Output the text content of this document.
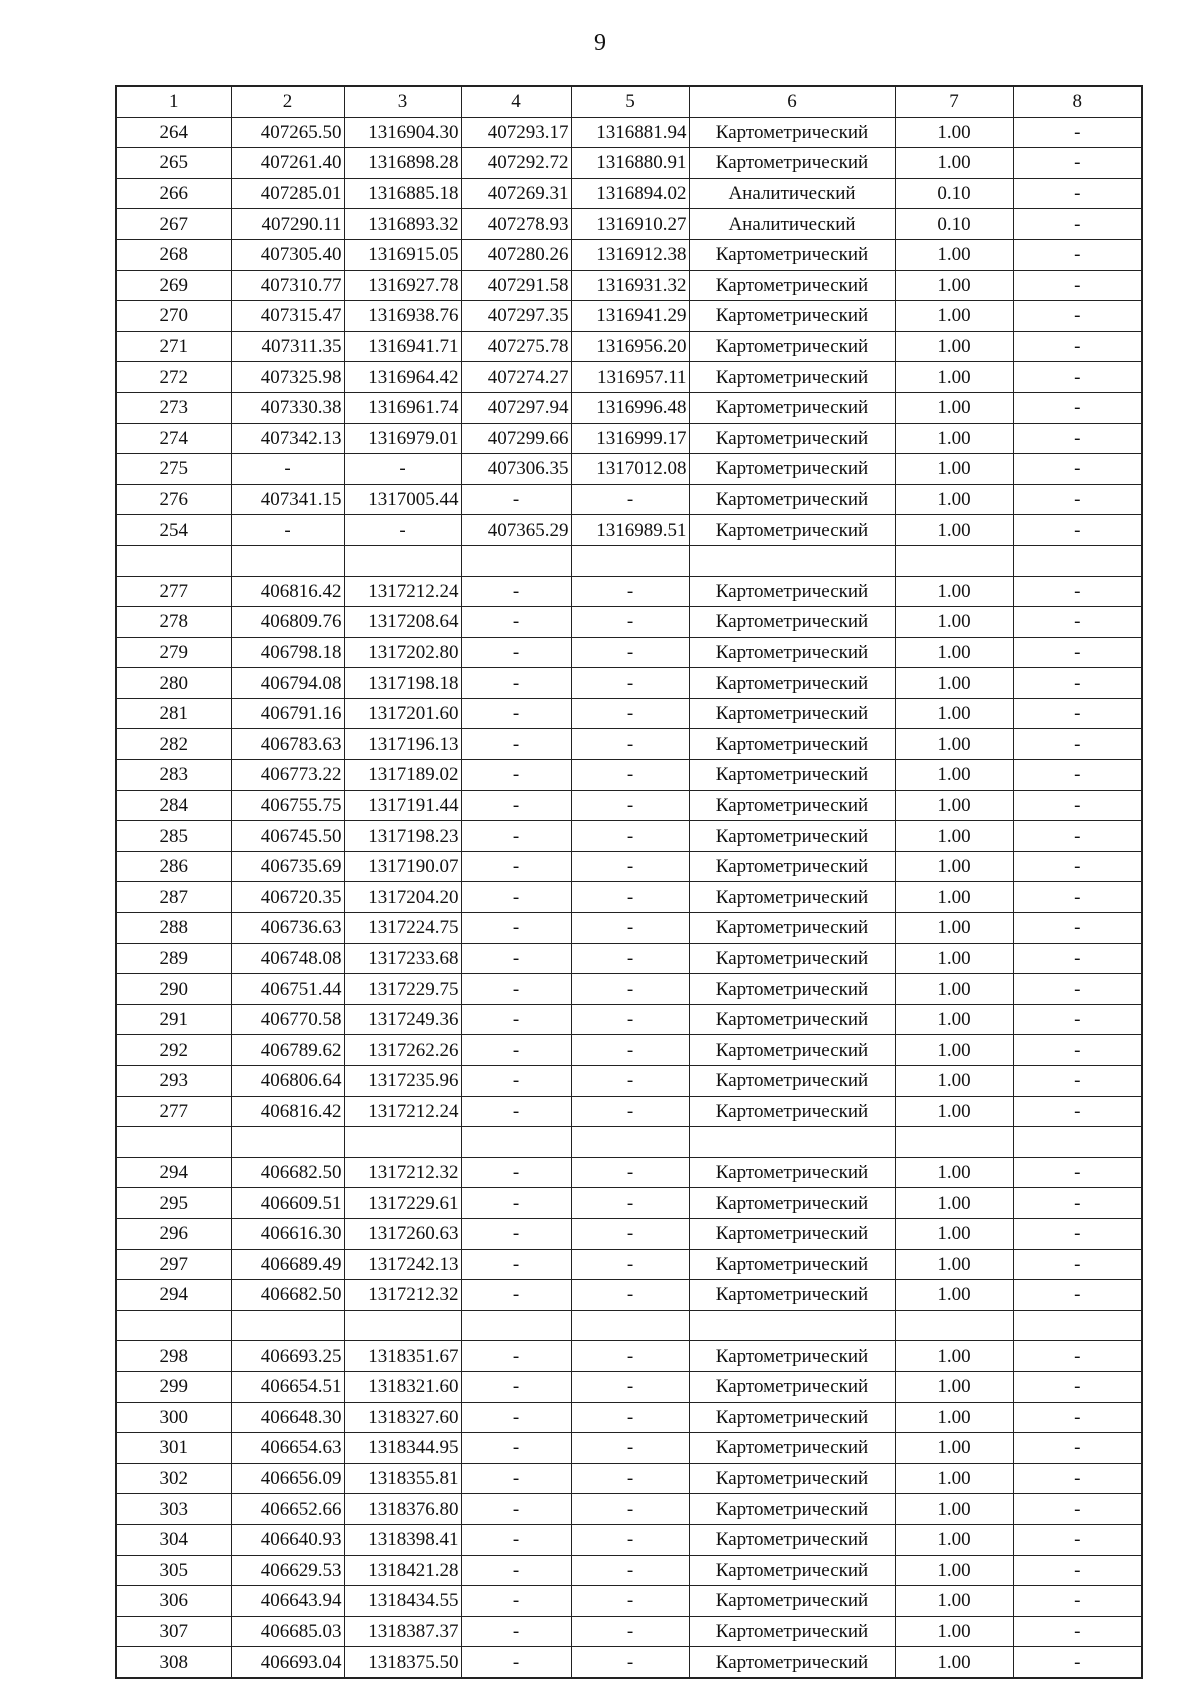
9
1	2	3	4	5	6	7	8
264	407265.50	1316904.30	407293.17	1316881.94	Картометрический	1.00	-
265	407261.40	1316898.28	407292.72	1316880.91	Картометрический	1.00	-
266	407285.01	1316885.18	407269.31	1316894.02	Аналитический	0.10	-
267	407290.11	1316893.32	407278.93	1316910.27	Аналитический	0.10	-
268	407305.40	1316915.05	407280.26	1316912.38	Картометрический	1.00	-
269	407310.77	1316927.78	407291.58	1316931.32	Картометрический	1.00	-
270	407315.47	1316938.76	407297.35	1316941.29	Картометрический	1.00	-
271	407311.35	1316941.71	407275.78	1316956.20	Картометрический	1.00	-
272	407325.98	1316964.42	407274.27	1316957.11	Картометрический	1.00	-
273	407330.38	1316961.74	407297.94	1316996.48	Картометрический	1.00	-
274	407342.13	1316979.01	407299.66	1316999.17	Картометрический	1.00	-
275	-	-	407306.35	1317012.08	Картометрический	1.00	-
276	407341.15	1317005.44	-	-	Картометрический	1.00	-
254	-	-	407365.29	1316989.51	Картометрический	1.00	-

277	406816.42	1317212.24	-	-	Картометрический	1.00	-
278	406809.76	1317208.64	-	-	Картометрический	1.00	-
279	406798.18	1317202.80	-	-	Картометрический	1.00	-
280	406794.08	1317198.18	-	-	Картометрический	1.00	-
281	406791.16	1317201.60	-	-	Картометрический	1.00	-
282	406783.63	1317196.13	-	-	Картометрический	1.00	-
283	406773.22	1317189.02	-	-	Картометрический	1.00	-
284	406755.75	1317191.44	-	-	Картометрический	1.00	-
285	406745.50	1317198.23	-	-	Картометрический	1.00	-
286	406735.69	1317190.07	-	-	Картометрический	1.00	-
287	406720.35	1317204.20	-	-	Картометрический	1.00	-
288	406736.63	1317224.75	-	-	Картометрический	1.00	-
289	406748.08	1317233.68	-	-	Картометрический	1.00	-
290	406751.44	1317229.75	-	-	Картометрический	1.00	-
291	406770.58	1317249.36	-	-	Картометрический	1.00	-
292	406789.62	1317262.26	-	-	Картометрический	1.00	-
293	406806.64	1317235.96	-	-	Картометрический	1.00	-
277	406816.42	1317212.24	-	-	Картометрический	1.00	-

294	406682.50	1317212.32	-	-	Картометрический	1.00	-
295	406609.51	1317229.61	-	-	Картометрический	1.00	-
296	406616.30	1317260.63	-	-	Картометрический	1.00	-
297	406689.49	1317242.13	-	-	Картометрический	1.00	-
294	406682.50	1317212.32	-	-	Картометрический	1.00	-

298	406693.25	1318351.67	-	-	Картометрический	1.00	-
299	406654.51	1318321.60	-	-	Картометрический	1.00	-
300	406648.30	1318327.60	-	-	Картометрический	1.00	-
301	406654.63	1318344.95	-	-	Картометрический	1.00	-
302	406656.09	1318355.81	-	-	Картометрический	1.00	-
303	406652.66	1318376.80	-	-	Картометрический	1.00	-
304	406640.93	1318398.41	-	-	Картометрический	1.00	-
305	406629.53	1318421.28	-	-	Картометрический	1.00	-
306	406643.94	1318434.55	-	-	Картометрический	1.00	-
307	406685.03	1318387.37	-	-	Картометрический	1.00	-
308	406693.04	1318375.50	-	-	Картометрический	1.00	-
